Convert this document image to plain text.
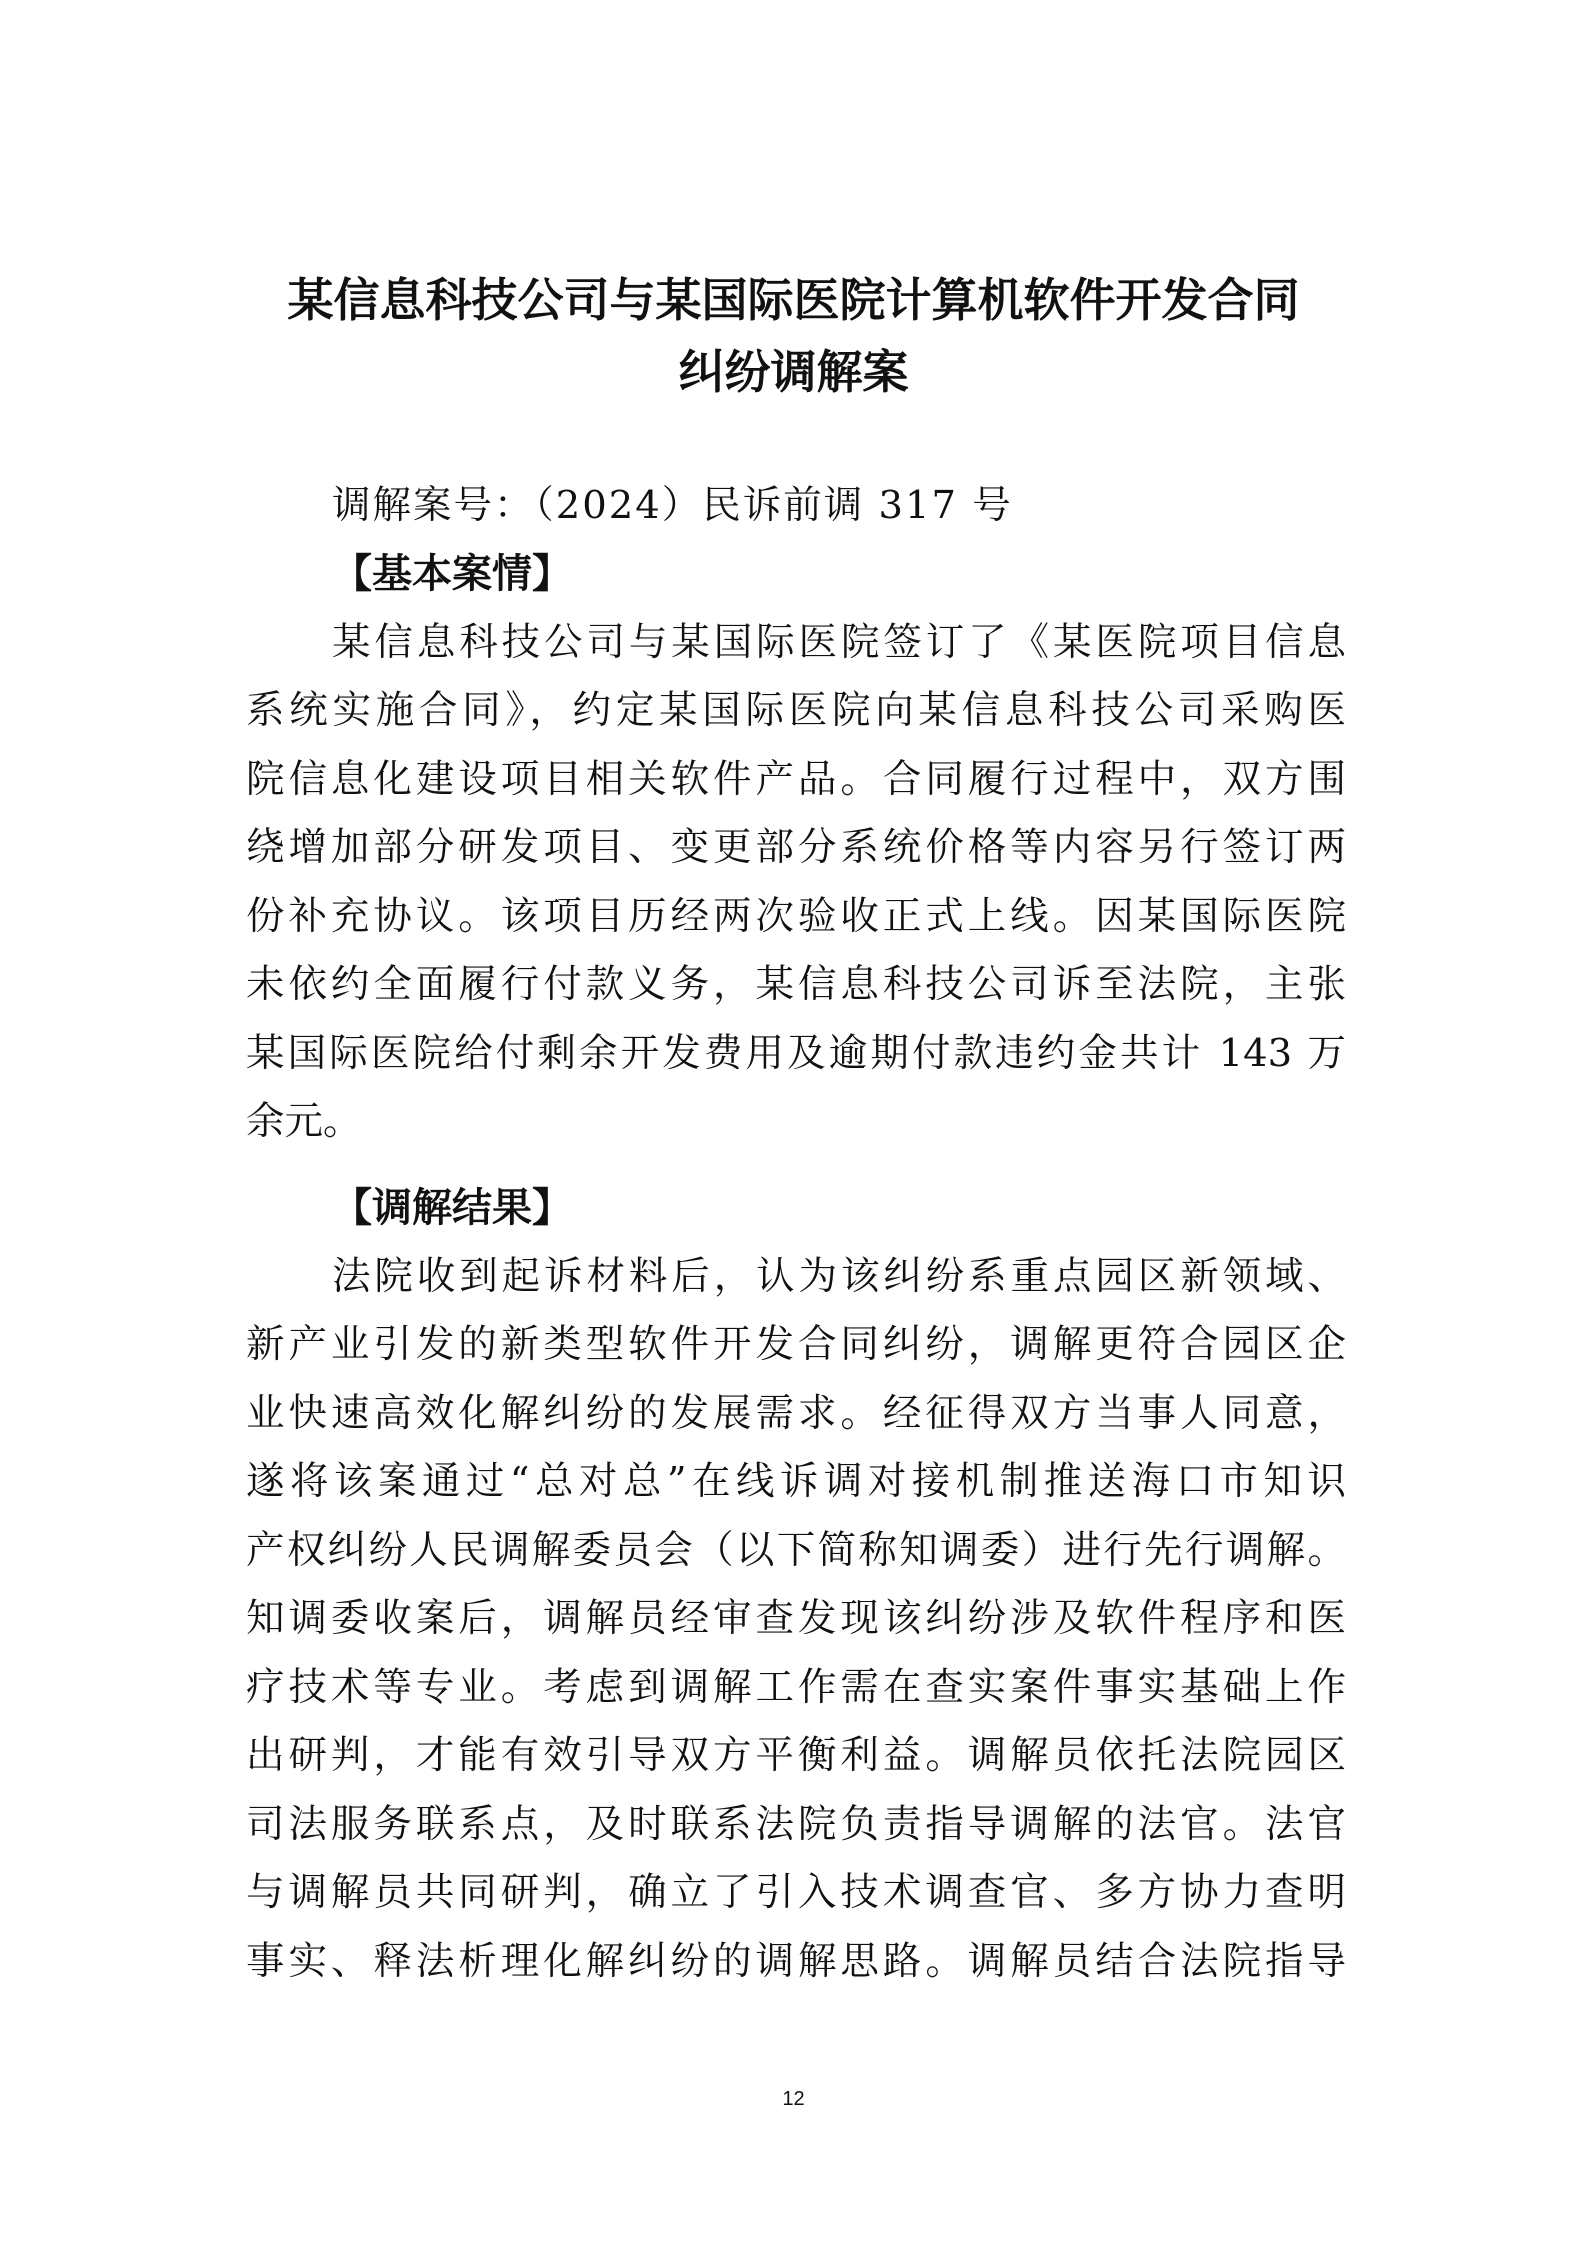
某信息科技公司与某国际医院计算机软件开发合同
纠纷调解案
调解案号：（2024）民诉前调 317 号
【基本案情】
某信息科技公司与某国际医院签订了《某医院项目信息
系统实施合同》，约定某国际医院向某信息科技公司采购医
院信息化建设项目相关软件产品。合同履行过程中，双方围
绕增加部分研发项目、变更部分系统价格等内容另行签订两
份补充协议。该项目历经两次验收正式上线。因某国际医院
未依约全面履行付款义务，某信息科技公司诉至法院，主张
某国际医院给付剩余开发费用及逾期付款违约金共计 143 万
余元。
【调解结果】
法院收到起诉材料后，认为该纠纷系重点园区新领域、
新产业引发的新类型软件开发合同纠纷，调解更符合园区企
业快速高效化解纠纷的发展需求。经征得双方当事人同意，
遂将该案通过“总对总”在线诉调对接机制推送海口市知识
产权纠纷人民调解委员会（以下简称知调委）进行先行调解。
知调委收案后，调解员经审查发现该纠纷涉及软件程序和医
疗技术等专业。考虑到调解工作需在查实案件事实基础上作
出研判，才能有效引导双方平衡利益。调解员依托法院园区
司法服务联系点，及时联系法院负责指导调解的法官。法官
与调解员共同研判，确立了引入技术调查官、多方协力查明
事实、释法析理化解纠纷的调解思路。调解员结合法院指导
12
